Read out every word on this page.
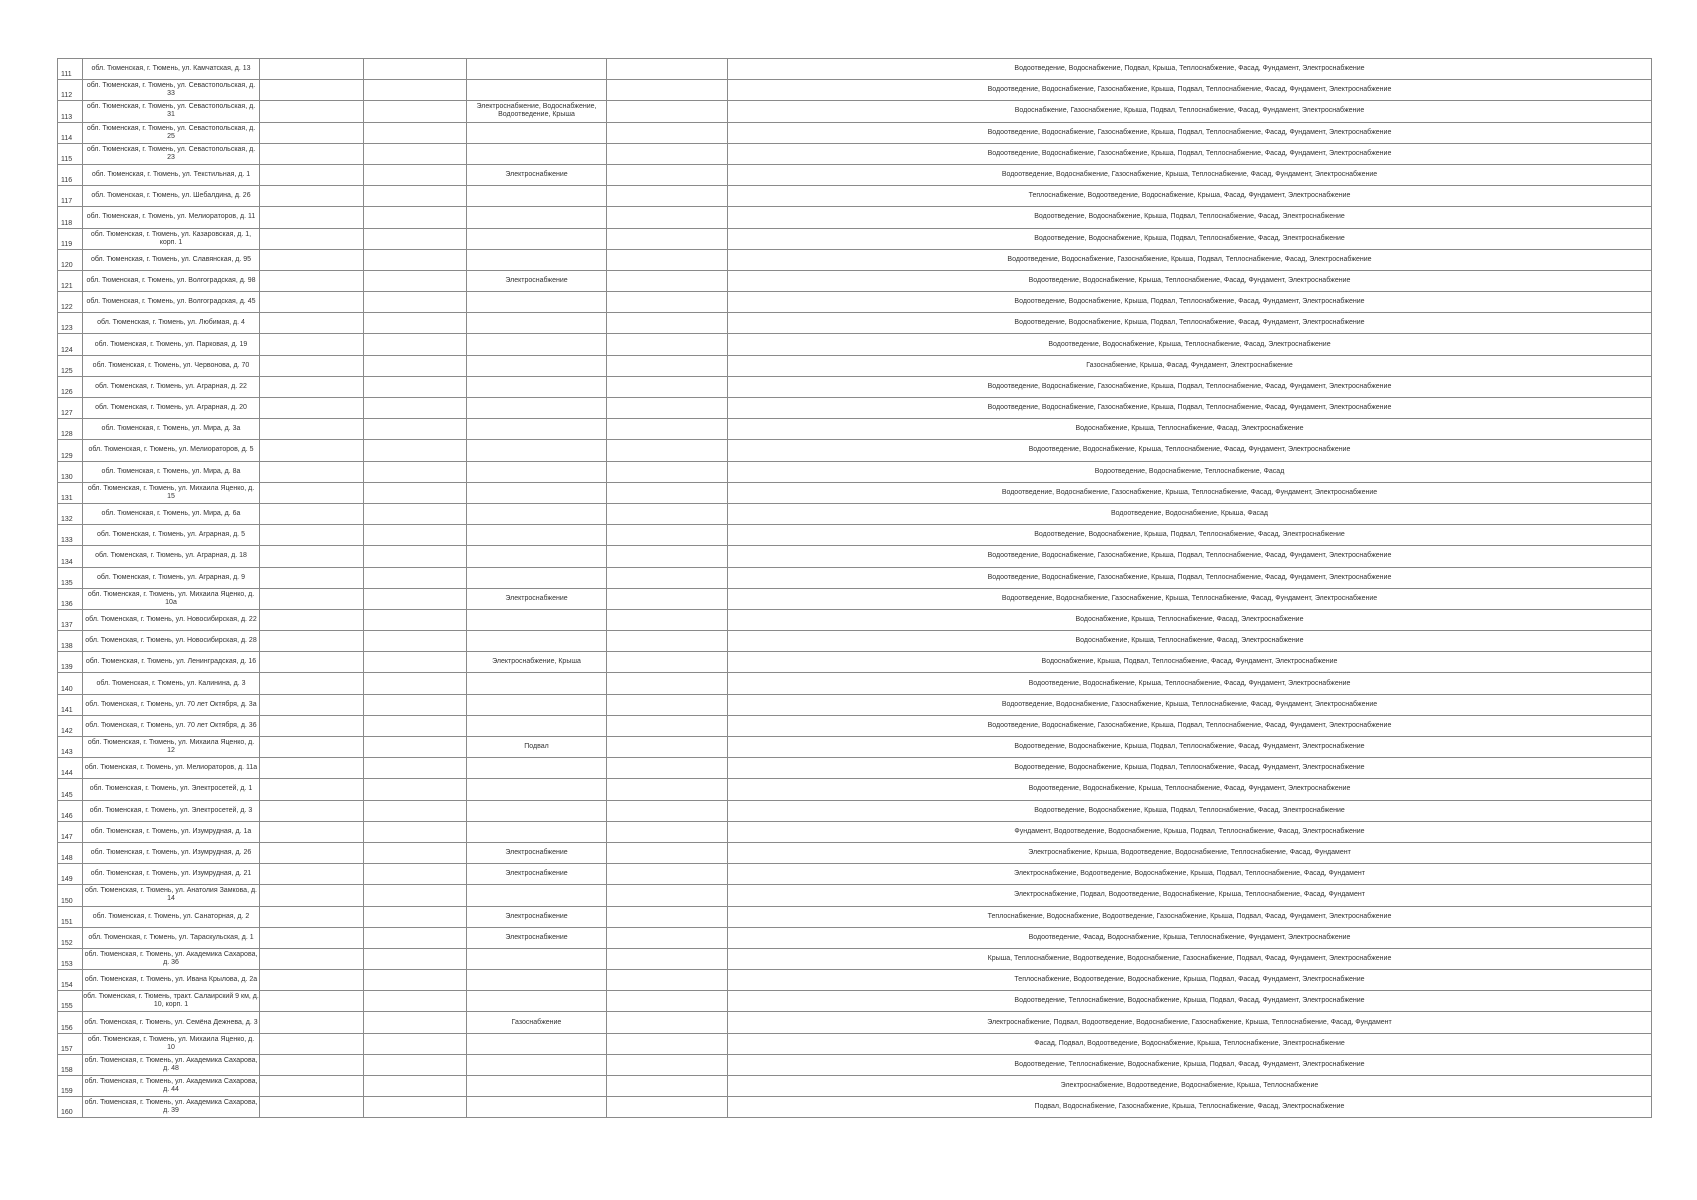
111	обл. Тюменская, г. Тюмень, ул. Камчатская, д. 13					Водоотведение, Водоснабжение, Подвал, Крыша, Теплоснабжение, Фасад, Фундамент, Электроснабжение

112	обл. Тюменская, г. Тюмень, ул. Севастопольская, д. 33					Водоотведение, Водоснабжение, Газоснабжение, Крыша, Подвал, Теплоснабжение, Фасад, Фундамент, Электроснабжение

113	обл. Тюменская, г. Тюмень, ул. Севастопольская, д. 31			Электроснабжение, Водоснабжение, Водоотведение, Крыша		Водоснабжение, Газоснабжение, Крыша, Подвал, Теплоснабжение, Фасад, Фундамент, Электроснабжение

114	обл. Тюменская, г. Тюмень, ул. Севастопольская, д. 25					Водоотведение, Водоснабжение, Газоснабжение, Крыша, Подвал, Теплоснабжение, Фасад, Фундамент, Электроснабжение

115	обл. Тюменская, г. Тюмень, ул. Севастопольская, д. 23					Водоотведение, Водоснабжение, Газоснабжение, Крыша, Подвал, Теплоснабжение, Фасад, Фундамент, Электроснабжение

116	обл. Тюменская, г. Тюмень, ул. Текстильная, д. 1			Электроснабжение		Водоотведение, Водоснабжение, Газоснабжение, Крыша, Теплоснабжение, Фасад, Фундамент, Электроснабжение

117	обл. Тюменская, г. Тюмень, ул. Шебалдина, д. 26					Теплоснабжение, Водоотведение, Водоснабжение, Крыша, Фасад, Фундамент, Электроснабжение

118	обл. Тюменская, г. Тюмень, ул. Мелиораторов, д. 11					Водоотведение, Водоснабжение, Крыша, Подвал, Теплоснабжение, Фасад, Электроснабжение

119	обл. Тюменская, г. Тюмень, ул. Казарoвская, д. 1, корп. 1					Водоотведение, Водоснабжение, Крыша, Подвал, Теплоснабжение, Фасад, Электроснабжение

120	обл. Тюменская, г. Тюмень, ул. Славянская, д. 95					Водоотведение, Водоснабжение, Газоснабжение, Крыша, Подвал, Теплоснабжение, Фасад, Электроснабжение

121	обл. Тюменская, г. Тюмень, ул. Волгоградская, д. 98			Электроснабжение		Водоотведение, Водоснабжение, Крыша, Теплоснабжение, Фасад, Фундамент, Электроснабжение

122	обл. Тюменская, г. Тюмень, ул. Волгоградская, д. 45					Водоотведение, Водоснабжение, Крыша, Подвал, Теплоснабжение, Фасад, Фундамент, Электроснабжение

123	обл. Тюменская, г. Тюмень, ул. Любимая, д. 4					Водоотведение, Водоснабжение, Крыша, Подвал, Теплоснабжение, Фасад, Фундамент, Электроснабжение

124	обл. Тюменская, г. Тюмень, ул. Парковая, д. 19					Водоотведение, Водоснабжение, Крыша, Теплоснабжение, Фасад, Электроснабжение

125	обл. Тюменская, г. Тюмень, ул. Червонова, д. 70					Газоснабжение, Крыша, Фасад, Фундамент, Электроснабжение

126	обл. Тюменская, г. Тюмень, ул. Аграрная, д. 22					Водоотведение, Водоснабжение, Газоснабжение, Крыша, Подвал, Теплоснабжение, Фасад, Фундамент, Электроснабжение

127	обл. Тюменская, г. Тюмень, ул. Аграрная, д. 20					Водоотведение, Водоснабжение, Газоснабжение, Крыша, Подвал, Теплоснабжение, Фасад, Фундамент, Электроснабжение

128	обл. Тюменская, г. Тюмень, ул. Мира, д. 3а					Водоснабжение, Крыша, Теплоснабжение, Фасад, Электроснабжение

129	обл. Тюменская, г. Тюмень, ул. Мелиораторов, д. 5					Водоотведение, Водоснабжение, Крыша, Теплоснабжение, Фасад, Фундамент, Электроснабжение

130	обл. Тюменская, г. Тюмень, ул. Мира, д. 8а					Водоотведение, Водоснабжение, Теплоснабжение, Фасад

131	обл. Тюменская, г. Тюмень, ул. Михаила Яценко, д. 15					Водоотведение, Водоснабжение, Газоснабжение, Крыша, Теплоснабжение, Фасад, Фундамент, Электроснабжение

132	обл. Тюменская, г. Тюмень, ул. Мира, д. 6а					Водоотведение, Водоснабжение, Крыша, Фасад

133	обл. Тюменская, г. Тюмень, ул. Аграрная, д. 5					Водоотведение, Водоснабжение, Крыша, Подвал, Теплоснабжение, Фасад, Электроснабжение

134	обл. Тюменская, г. Тюмень, ул. Аграрная, д. 18					Водоотведение, Водоснабжение, Газоснабжение, Крыша, Подвал, Теплоснабжение, Фасад, Фундамент, Электроснабжение

135	обл. Тюменская, г. Тюмень, ул. Аграрная, д. 9					Водоотведение, Водоснабжение, Газоснабжение, Крыша, Подвал, Теплоснабжение, Фасад, Фундамент, Электроснабжение

136	обл. Тюменская, г. Тюмень, ул. Михаила Яценко, д. 10а			Электроснабжение		Водоотведение, Водоснабжение, Газоснабжение, Крыша, Теплоснабжение, Фасад, Фундамент, Электроснабжение

137	обл. Тюменская, г. Тюмень, ул. Новосибирская, д. 22					Водоснабжение, Крыша, Теплоснабжение, Фасад, Электроснабжение

138	обл. Тюменская, г. Тюмень, ул. Новосибирская, д. 28					Водоснабжение, Крыша, Теплоснабжение, Фасад, Электроснабжение

139	обл. Тюменская, г. Тюмень, ул. Ленинградская, д. 16			Электроснабжение, Крыша		Водоснабжение, Крыша, Подвал, Теплоснабжение, Фасад, Фундамент, Электроснабжение

140	обл. Тюменская, г. Тюмень, ул. Калинина, д. 3					Водоотведение, Водоснабжение, Крыша, Теплоснабжение, Фасад, Фундамент, Электроснабжение

141	обл. Тюменская, г. Тюмень, ул. 70 лет Октября, д. 3а					Водоотведение, Водоснабжение, Газоснабжение, Крыша, Теплоснабжение, Фасад, Фундамент, Электроснабжение

142	обл. Тюменская, г. Тюмень, ул. 70 лет Октября, д. 36					Водоотведение, Водоснабжение, Газоснабжение, Крыша, Подвал, Теплоснабжение, Фасад, Фундамент, Электроснабжение

143	обл. Тюменская, г. Тюмень, ул. Михаила Яценко, д. 12			Подвал		Водоотведение, Водоснабжение, Крыша, Подвал, Теплоснабжение, Фасад, Фундамент, Электроснабжение

144	обл. Тюменская, г. Тюмень, ул. Мелиораторов, д. 11а					Водоотведение, Водоснабжение, Крыша, Подвал, Теплоснабжение, Фасад, Фундамент, Электроснабжение

145	обл. Тюменская, г. Тюмень, ул. Электросетей, д. 1					Водоотведение, Водоснабжение, Крыша, Теплоснабжение, Фасад, Фундамент, Электроснабжение

146	обл. Тюменская, г. Тюмень, ул. Электросетей, д. 3					Водоотведение, Водоснабжение, Крыша, Подвал, Теплоснабжение, Фасад, Электроснабжение

147	обл. Тюменская, г. Тюмень, ул. Изумрудная, д. 1а					Фундамент, Водоотведение, Водоснабжение, Крыша, Подвал, Теплоснабжение, Фасад, Электроснабжение

148	обл. Тюменская, г. Тюмень, ул. Изумрудная, д. 26			Электроснабжение		Электроснабжение, Крыша, Водоотведение, Водоснабжение, Теплоснабжение, Фасад, Фундамент

149	обл. Тюменская, г. Тюмень, ул. Изумрудная, д. 21			Электроснабжение		Электроснабжение, Водоотведение, Водоснабжение, Крыша, Подвал, Теплоснабжение, Фасад, Фундамент

150	обл. Тюменская, г. Тюмень, ул. Анатолия Замкова, д. 14					Электроснабжение, Подвал, Водоотведение, Водоснабжение, Крыша, Теплоснабжение, Фасад, Фундамент

151	обл. Тюменская, г. Тюмень, ул. Санаторная, д. 2			Электроснабжение		Теплоснабжение, Водоснабжение, Водоотведение, Газоснабжение, Крыша, Подвал, Фасад, Фундамент, Электроснабжение

152	обл. Тюменская, г. Тюмень, ул. Тараскульская, д. 1			Электроснабжение		Водоотведение, Фасад, Водоснабжение, Крыша, Теплоснабжение, Фундамент, Электроснабжение

153	обл. Тюменская, г. Тюмень, ул. Академика Сахарова, д. 36					Крыша, Теплоснабжение, Водоотведение, Водоснабжение, Газоснабжение, Подвал, Фасад, Фундамент, Электроснабжение

154	обл. Тюменская, г. Тюмень, ул. Ивана Крылова, д. 2а					Теплоснабжение, Водоотведение, Водоснабжение, Крыша, Подвал, Фасад, Фундамент, Электроснабжение

155	обл. Тюменская, г. Тюмень, тракт. Салаирский 9 км, д. 10, корп. 1					Водоотведение, Теплоснабжение, Водоснабжение, Крыша, Подвал, Фасад, Фундамент, Электроснабжение

156	обл. Тюменская, г. Тюмень, ул. Семёна Дежнева, д. 3			Газоснабжение		Электроснабжение, Подвал, Водоотведение, Водоснабжение, Газоснабжение, Крыша, Теплоснабжение, Фасад, Фундамент

157	обл. Тюменская, г. Тюмень, ул. Михаила Яценко, д. 10					Фасад, Подвал, Водоотведение, Водоснабжение, Крыша, Теплоснабжение, Электроснабжение

158	обл. Тюменская, г. Тюмень, ул. Академика Сахарова, д. 48					Водоотведение, Теплоснабжение, Водоснабжение, Крыша, Подвал, Фасад, Фундамент, Электроснабжение

159	обл. Тюменская, г. Тюмень, ул. Академика Сахарова, д. 44					Электроснабжение, Водоотведение, Водоснабжение, Крыша, Теплоснабжение

160	обл. Тюменская, г. Тюмень, ул. Академика Сахарова, д. 39					Подвал, Водоснабжение, Газоснабжение, Крыша, Теплоснабжение, Фасад, Электроснабжение
